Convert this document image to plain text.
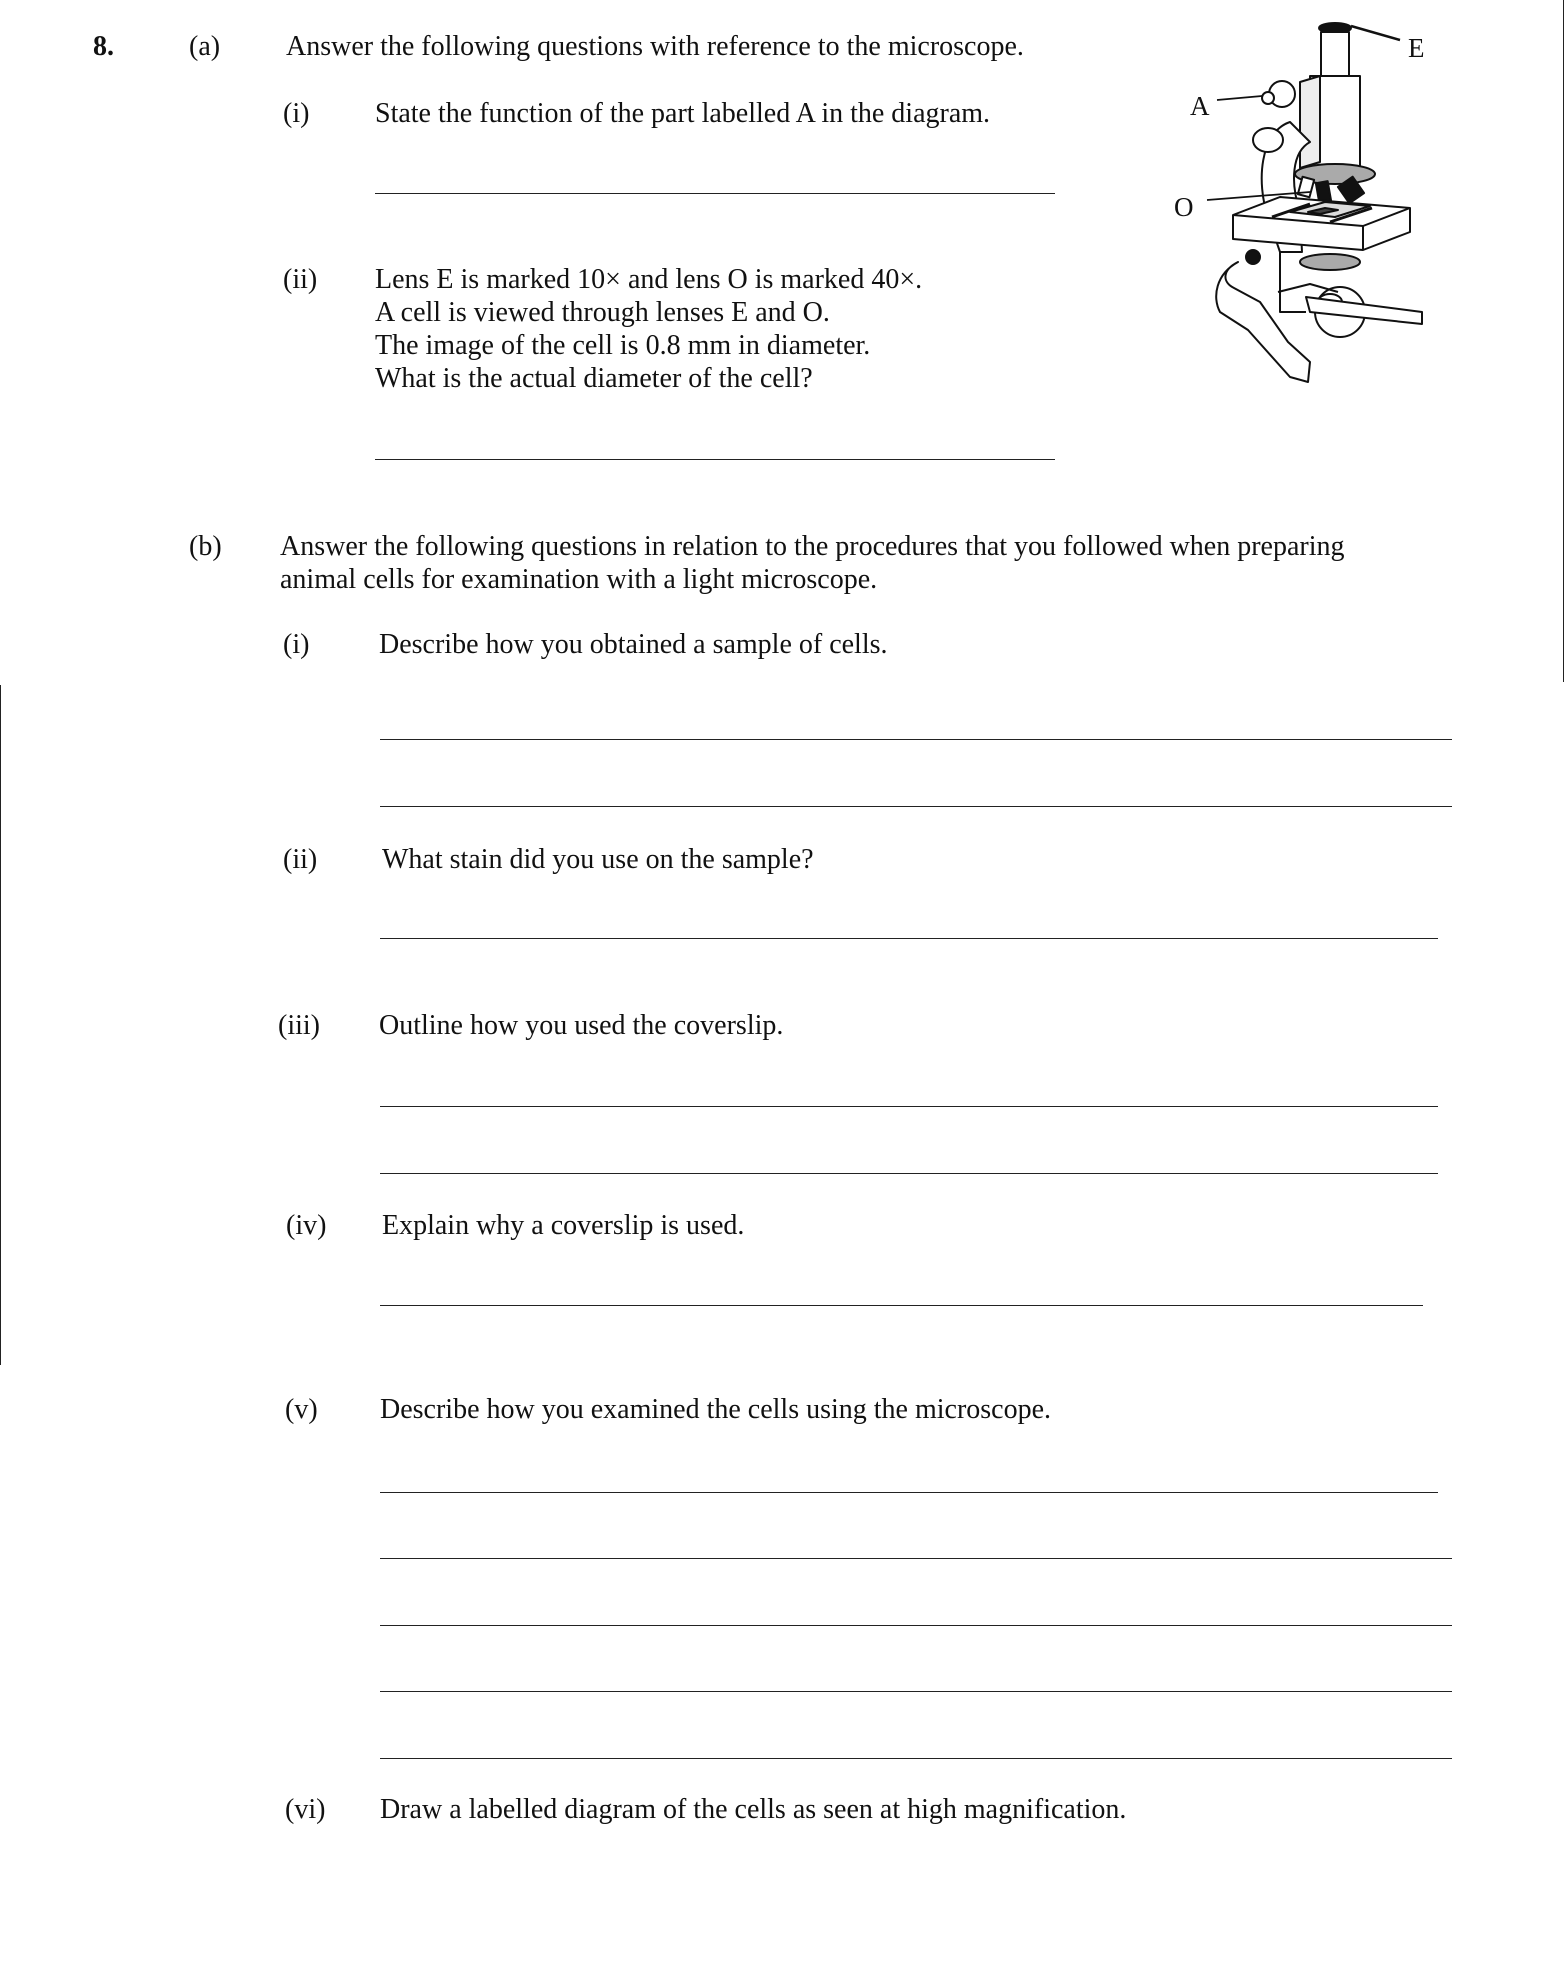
8.	(a) Answer the following questions with reference to the microscope.
(i) State the function of the part labelled A in the diagram.
(ii) Lens E is marked 10× and lens O is marked 40×.
A cell is viewed through lenses E and O.
The image of the cell is 0.8 mm in diameter.
What is the actual diameter of the cell?
A
O
E
(b) Answer the following questions in relation to the procedures that you followed when preparing
animal cells for examination with a light microscope.
(i) Describe how you obtained a sample of cells.
(ii) What stain did you use on the sample?
(iii) Outline how you used the coverslip.
(iv) Explain why a coverslip is used.
(v) Describe how you examined the cells using the microscope.
(vi) Draw a labelled diagram of the cells as seen at high magnification.
